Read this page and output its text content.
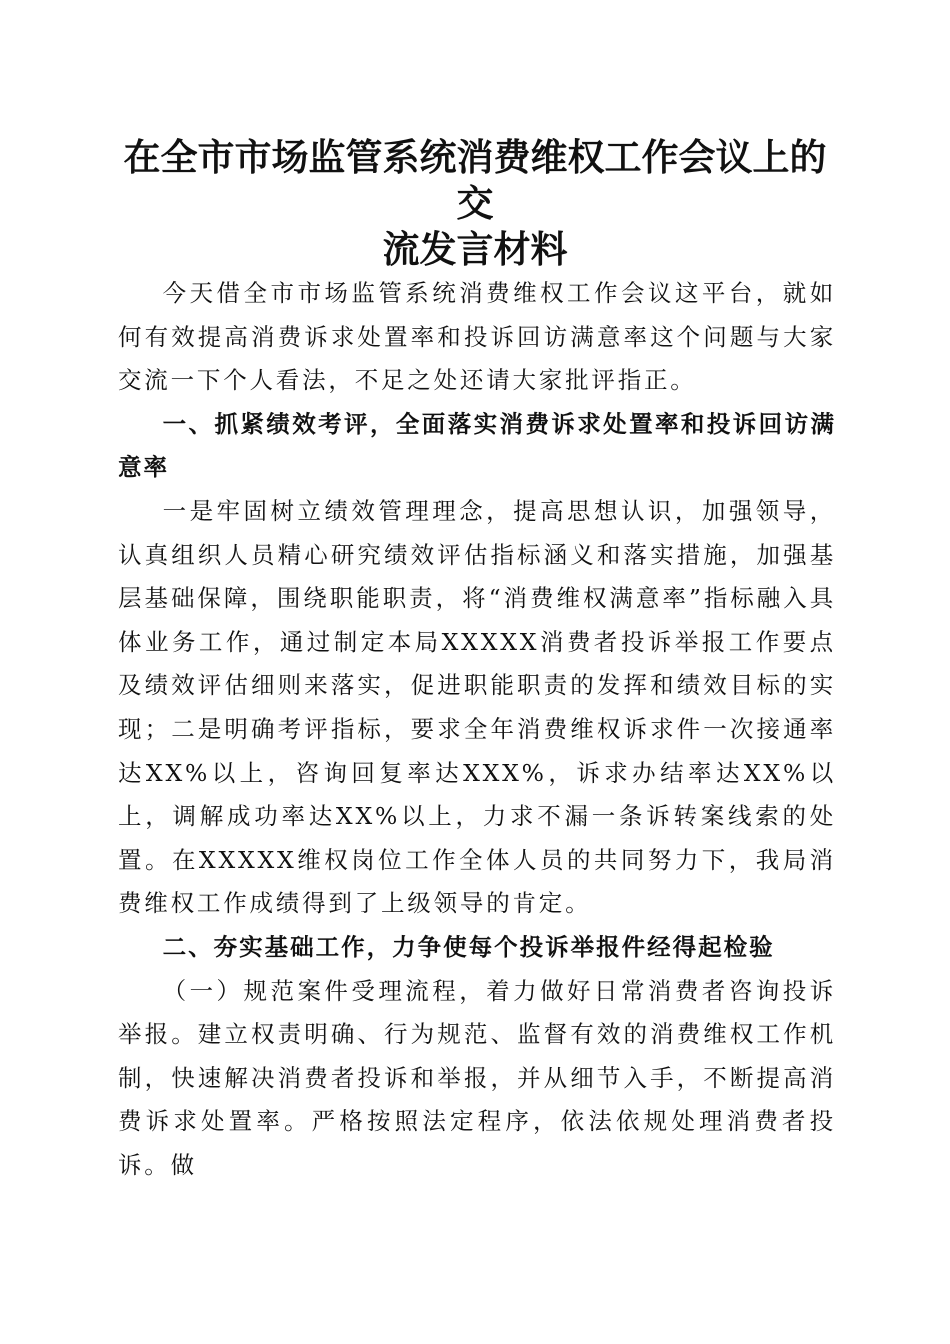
在全市市场监管系统消费维权工作会议上的交
流发言材料

今天借全市市场监管系统消费维权工作会议这平台，就如何有效提高消费诉求处置率和投诉回访满意率这个问题与大家交流一下个人看法，不足之处还请大家批评指正。

一、抓紧绩效考评，全面落实消费诉求处置率和投诉回访满意率

一是牢固树立绩效管理理念，提高思想认识，加强领导，认真组织人员精心研究绩效评估指标涵义和落实措施，加强基层基础保障，围绕职能职责，将“消费维权满意率”指标融入具体业务工作，通过制定本局XXXXX消费者投诉举报工作要点及绩效评估细则来落实，促进职能职责的发挥和绩效目标的实现；二是明确考评指标，要求全年消费维权诉求件一次接通率达XX%以上，咨询回复率达XXX%，诉求办结率达XX%以上，调解成功率达XX%以上，力求不漏一条诉转案线索的处置。在XXXXX维权岗位工作全体人员的共同努力下，我局消费维权工作成绩得到了上级领导的肯定。

二、夯实基础工作，力争使每个投诉举报件经得起检验

（一）规范案件受理流程，着力做好日常消费者咨询投诉举报。建立权责明确、行为规范、监督有效的消费维权工作机制，快速解决消费者投诉和举报，并从细节入手，不断提高消费诉求处置率。严格按照法定程序，依法依规处理消费者投诉。做
